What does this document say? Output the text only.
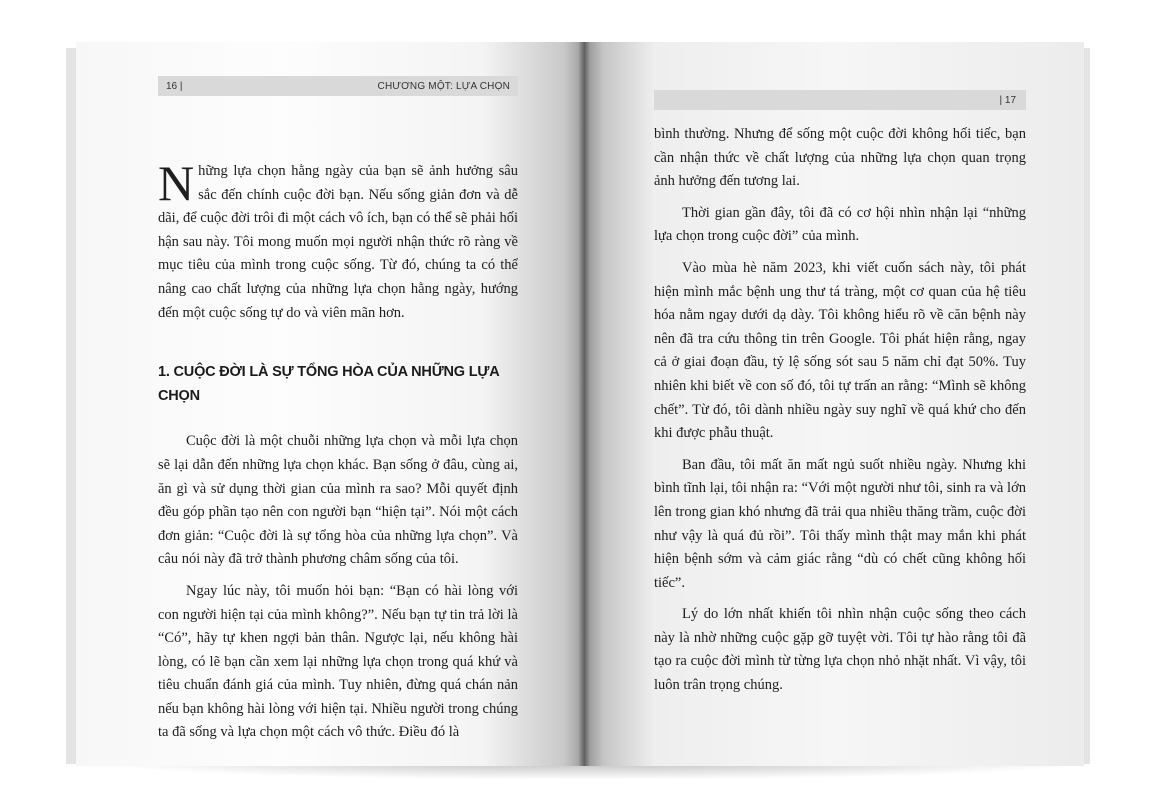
16 |	CHƯƠNG MỘT: LỰA CHỌN

Những lựa chọn hằng ngày của bạn sẽ ảnh hưởng sâu sắc đến chính cuộc đời bạn. Nếu sống giản đơn và dễ dãi, để cuộc đời trôi đi một cách vô ích, bạn có thể sẽ phải hối hận sau này. Tôi mong muốn mọi người nhận thức rõ ràng về mục tiêu của mình trong cuộc sống. Từ đó, chúng ta có thể nâng cao chất lượng của những lựa chọn hằng ngày, hướng đến một cuộc sống tự do và viên mãn hơn.

1. CUỘC ĐỜI LÀ SỰ TỔNG HÒA CỦA NHỮNG LỰA CHỌN

Cuộc đời là một chuỗi những lựa chọn và mỗi lựa chọn sẽ lại dẫn đến những lựa chọn khác. Bạn sống ở đâu, cùng ai, ăn gì và sử dụng thời gian của mình ra sao? Mỗi quyết định đều góp phần tạo nên con người bạn “hiện tại”. Nói một cách đơn giản: “Cuộc đời là sự tổng hòa của những lựa chọn”. Và câu nói này đã trở thành phương châm sống của tôi.

Ngay lúc này, tôi muốn hỏi bạn: “Bạn có hài lòng với con người hiện tại của mình không?”. Nếu bạn tự tin trả lời là “Có”, hãy tự khen ngợi bản thân. Ngược lại, nếu không hài lòng, có lẽ bạn cần xem lại những lựa chọn trong quá khứ và tiêu chuẩn đánh giá của mình. Tuy nhiên, đừng quá chán nản nếu bạn không hài lòng với hiện tại. Nhiều người trong chúng ta đã sống và lựa chọn một cách vô thức. Điều đó là

| 17

bình thường. Nhưng để sống một cuộc đời không hối tiếc, bạn cần nhận thức về chất lượng của những lựa chọn quan trọng ảnh hưởng đến tương lai.

Thời gian gần đây, tôi đã có cơ hội nhìn nhận lại “những lựa chọn trong cuộc đời” của mình.

Vào mùa hè năm 2023, khi viết cuốn sách này, tôi phát hiện mình mắc bệnh ung thư tá tràng, một cơ quan của hệ tiêu hóa nằm ngay dưới dạ dày. Tôi không hiểu rõ về căn bệnh này nên đã tra cứu thông tin trên Google. Tôi phát hiện rằng, ngay cả ở giai đoạn đầu, tỷ lệ sống sót sau 5 năm chỉ đạt 50%. Tuy nhiên khi biết về con số đó, tôi tự trấn an rằng: “Mình sẽ không chết”. Từ đó, tôi dành nhiều ngày suy nghĩ về quá khứ cho đến khi được phẫu thuật.

Ban đầu, tôi mất ăn mất ngủ suốt nhiều ngày. Nhưng khi bình tĩnh lại, tôi nhận ra: “Với một người như tôi, sinh ra và lớn lên trong gian khó nhưng đã trải qua nhiều thăng trầm, cuộc đời như vậy là quá đủ rồi”. Tôi thấy mình thật may mắn khi phát hiện bệnh sớm và cảm giác rằng “dù có chết cũng không hối tiếc”.

Lý do lớn nhất khiến tôi nhìn nhận cuộc sống theo cách này là nhờ những cuộc gặp gỡ tuyệt vời. Tôi tự hào rằng tôi đã tạo ra cuộc đời mình từ từng lựa chọn nhỏ nhặt nhất. Vì vậy, tôi luôn trân trọng chúng.
